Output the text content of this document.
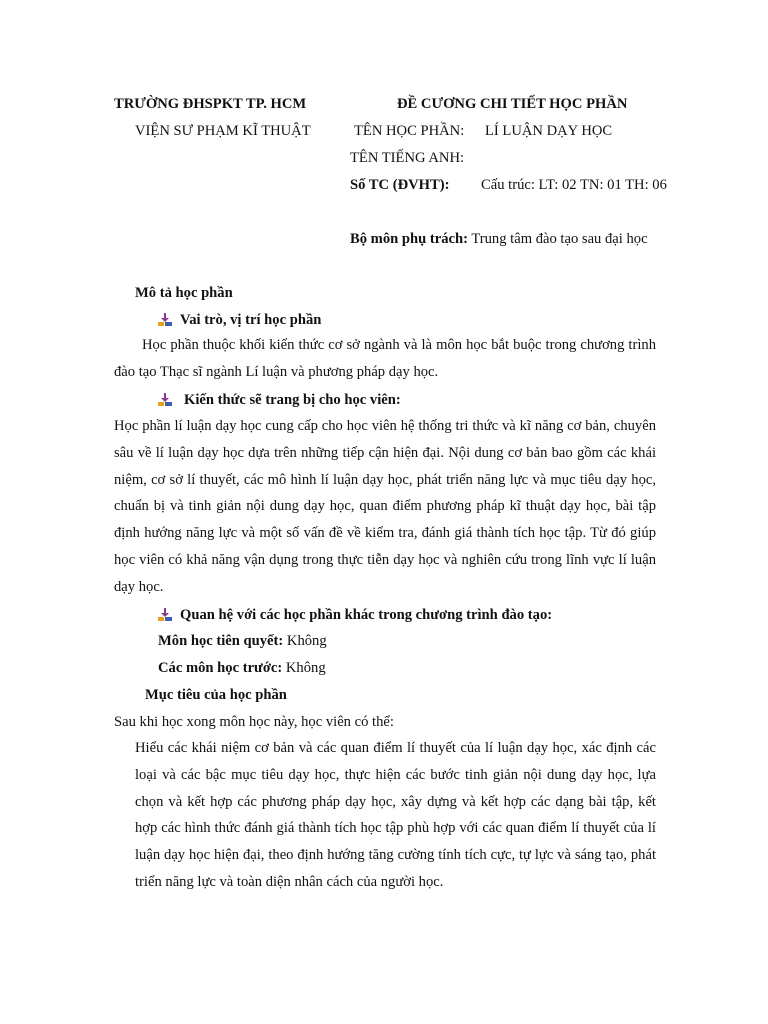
TRƯỜNG ĐHSPKT TP. HCM
VIỆN SƯ PHẠM KĨ THUẬT
ĐỀ CƯƠNG CHI TIẾT HỌC PHẦN
TÊN HỌC PHẦN: LÍ LUẬN DẠY HỌC
TÊN TIẾNG ANH:
Số TC (ĐVHT): Cấu trúc: LT: 02 TN: 01 TH: 06
Bộ môn phụ trách: Trung tâm đào tạo sau đại học
Mô tả học phần
Vai trò, vị trí học phần
Học phần thuộc khối kiến thức cơ sở ngành và là môn học bắt buộc trong chương trình đào tạo Thạc sĩ ngành Lí luận và phương pháp dạy học.
Kiến thức sẽ trang bị cho học viên:
Học phần lí luận dạy học cung cấp cho học viên hệ thống tri thức và kĩ năng cơ bản, chuyên sâu về lí luận dạy học dựa trên những tiếp cận hiện đại. Nội dung cơ bản bao gồm các khái niệm, cơ sở lí thuyết, các mô hình lí luận dạy học, phát triển năng lực và mục tiêu dạy học, chuẩn bị và tinh giản nội dung dạy học, quan điểm phương pháp kĩ thuật dạy học, bài tập định hướng năng lực và một số vấn đề về kiểm tra, đánh giá thành tích học tập. Từ đó giúp học viên có khả năng vận dụng trong thực tiễn dạy học và nghiên cứu trong lĩnh vực lí luận dạy học.
Quan hệ với các học phần khác trong chương trình đào tạo:
Môn học tiên quyết: Không
Các môn học trước: Không
Mục tiêu của học phần
Sau khi học xong môn học này, học viên có thể:
Hiểu các khái niệm cơ bản và các quan điểm lí thuyết của lí luận dạy học, xác định các loại và các bậc mục tiêu dạy học, thực hiện các bước tinh giản nội dung dạy học, lựa chọn và kết hợp các phương pháp dạy học, xây dựng và kết hợp các dạng bài tập, kết hợp các hình thức đánh giá thành tích học tập phù hợp với các quan điểm lí thuyết của lí luận dạy học hiện đại, theo định hướng tăng cường tính tích cực, tự lực và sáng tạo, phát triển năng lực và toàn diện nhân cách của người học.
